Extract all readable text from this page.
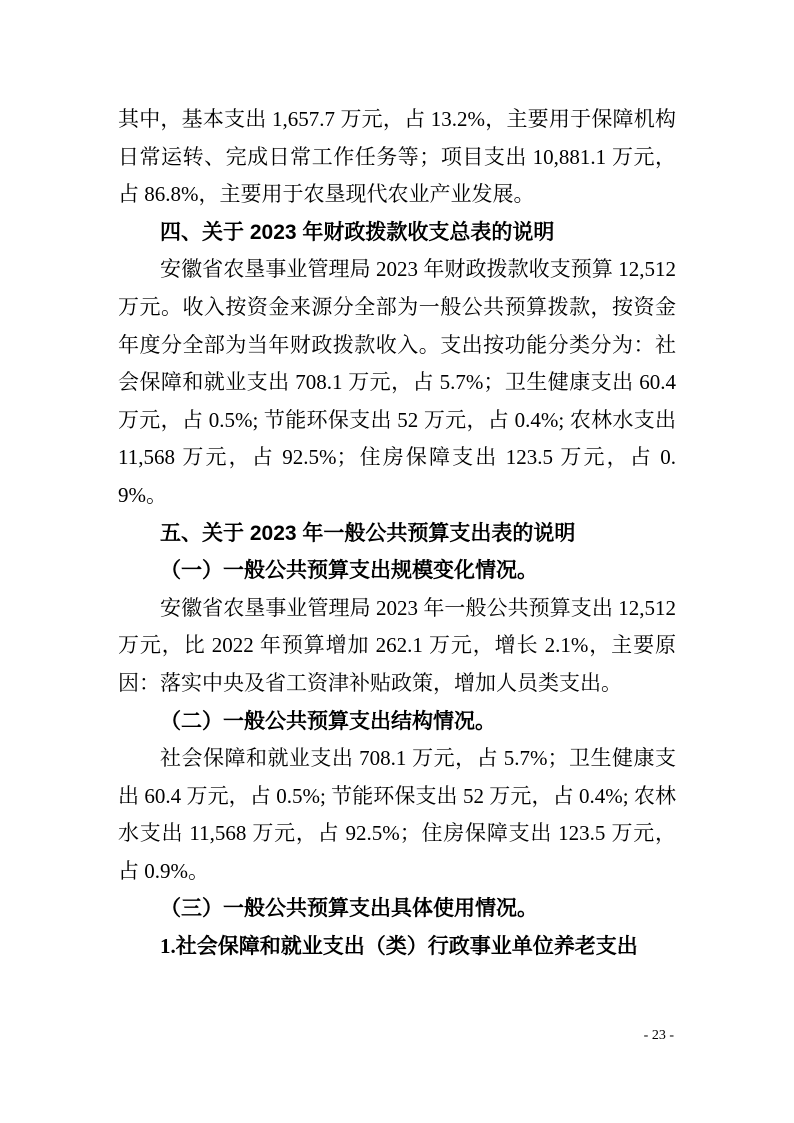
其中，基本支出 1,657.7 万元，占 13.2%，主要用于保障机构日常运转、完成日常工作任务等；项目支出 10,881.1 万元，占 86.8%，主要用于农垦现代农业产业发展。

四、关于 2023 年财政拨款收支总表的说明

安徽省农垦事业管理局 2023 年财政拨款收支预算 12,512 万元。收入按资金来源分全部为一般公共预算拨款，按资金年度分全部为当年财政拨款收入。支出按功能分类分为：社会保障和就业支出 708.1 万元，占 5.7%；卫生健康支出 60.4 万元，占 0.5%; 节能环保支出 52 万元，占 0.4%; 农林水支出 11,568 万元，占 92.5%；住房保障支出 123.5 万元，占 0.9%。

五、关于 2023 年一般公共预算支出表的说明
（一）一般公共预算支出规模变化情况。

安徽省农垦事业管理局 2023 年一般公共预算支出 12,512 万元，比 2022 年预算增加 262.1 万元，增长 2.1%，主要原因：落实中央及省工资津补贴政策，增加人员类支出。

（二）一般公共预算支出结构情况。

社会保障和就业支出 708.1 万元，占 5.7%；卫生健康支出 60.4 万元，占 0.5%; 节能环保支出 52 万元，占 0.4%; 农林水支出 11,568 万元，占 92.5%；住房保障支出 123.5 万元，占 0.9%。

（三）一般公共预算支出具体使用情况。
1.社会保障和就业支出（类）行政事业单位养老支出
- 23 -
